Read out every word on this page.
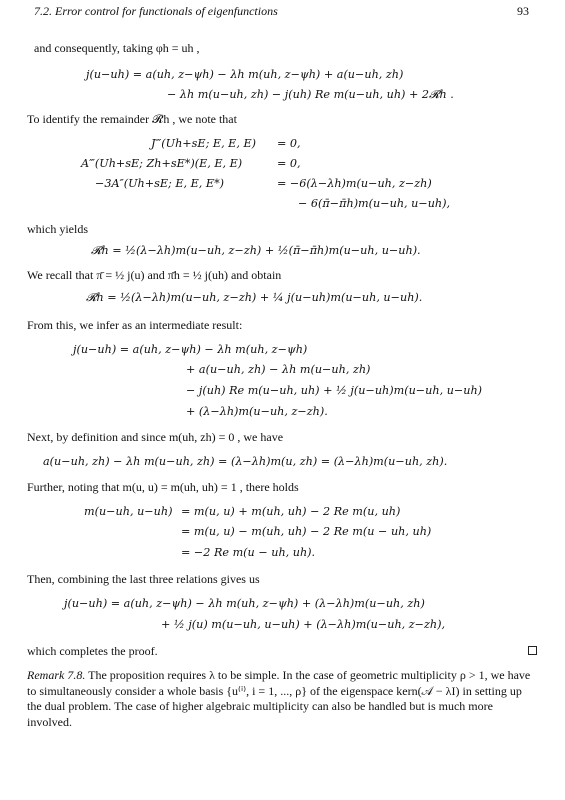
7.2. Error control for functionals of eigenfunctions	93
and consequently, taking φh = uh ,
j(u−uh) = a(uh, z−ψh) − λh m(uh, z−ψh) + a(u−uh, zh)
− λh m(u−uh, zh) − j(uh) Re m(u−uh, uh) + 2𝓡h .
To identify the remainder 𝓡h , we note that
J‴(Uh+sE; E, E, E) = 0,
A‴(Uh+sE; Zh+sE*)(E, E, E)	= 0,
−3A″(Uh+sE; E, E, E*)	= −6(λ−λh)m(u−uh, z−zh)
− 6(π̄−π̄h)m(u−uh, u−uh),
which yields
𝓡h = ½(λ−λh)m(u−uh, z−zh) + ½(π̄−π̄h)m(u−uh, u−uh).
We recall that π̄ = ½ j(u) and π̄h = ½ j(uh) and obtain
𝓡h = ½(λ−λh)m(u−uh, z−zh) + ¼ j(u−uh)m(u−uh, u−uh).
From this, we infer as an intermediate result:
j(u−uh) = a(uh, z−ψh) − λh m(uh, z−ψh)
+ a(u−uh, zh) − λh m(u−uh, zh)
− j(uh) Re m(u−uh, uh) + ½ j(u−uh)m(u−uh, u−uh)
+ (λ−λh)m(u−uh, z−zh).
Next, by definition and since m(uh, zh) = 0 , we have
a(u−uh, zh) − λh m(u−uh, zh) = (λ−λh)m(u, zh) = (λ−λh)m(u−uh, zh).
Further, noting that m(u, u) = m(uh, uh) = 1 , there holds
m(u−uh, u−uh) = m(u, u) + m(uh, uh) − 2 Re m(u, uh)
= m(u, u) − m(uh, uh) − 2 Re m(u − uh, uh)
= −2 Re m(u − uh, uh).
Then, combining the last three relations gives us
j(u−uh) = a(uh, z−ψh) − λh m(uh, z−ψh) + (λ−λh)m(u−uh, zh)
+ ½ j(u) m(u−uh, u−uh) + (λ−λh)m(u−uh, z−zh),
which completes the proof.
Remark 7.8. The proposition requires λ to be simple. In the case of geometric multiplicity ρ > 1, we have to simultaneously consider a whole basis {u⁽ⁱ⁾, i = 1, ..., ρ} of the eigenspace kern(𝒜 − λI) in setting up the dual problem. The case of higher algebraic multiplicity can also be handled but is much more involved.
